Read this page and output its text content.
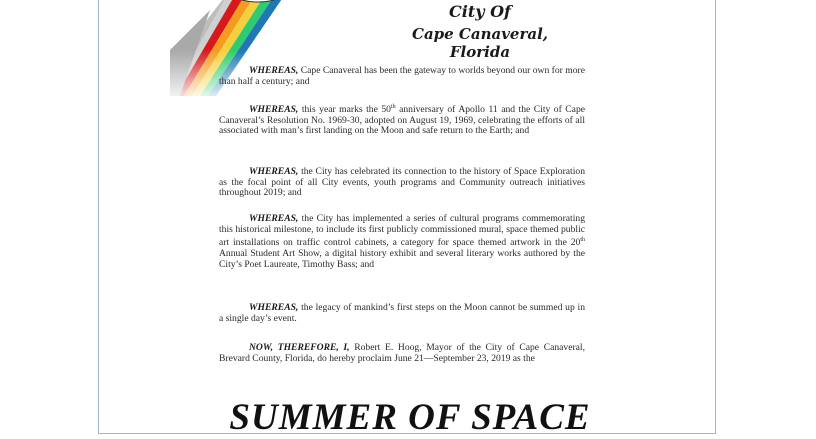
City Of
Cape Canaveral, Florida
WHEREAS, Cape Canaveral has been the gateway to worlds beyond our own for more than half a century; and
WHEREAS, this year marks the 50th anniversary of Apollo 11 and the City of Cape Canaveral’s Resolution No. 1969-30, adopted on August 19, 1969, celebrating the efforts of all associated with man’s first landing on the Moon and safe return to the Earth; and
WHEREAS, the City has celebrated its connection to the history of Space Exploration as the focal point of all City events, youth programs and Community outreach initiatives throughout 2019; and
WHEREAS, the City has implemented a series of cultural programs commemorating this historical milestone, to include its first publicly commissioned mural, space themed public art installations on traffic control cabinets, a category for space themed artwork in the 20th Annual Student Art Show, a digital history exhibit and several literary works authored by the City’s Poet Laureate, Timothy Bass; and
WHEREAS, the legacy of mankind’s first steps on the Moon cannot be summed up in a single day’s event.
NOW, THEREFORE, I, Robert E. Hoog, Mayor of the City of Cape Canaveral, Brevard County, Florida, do hereby proclaim June 21—September 23, 2019 as the
SUMMER OF SPACE
